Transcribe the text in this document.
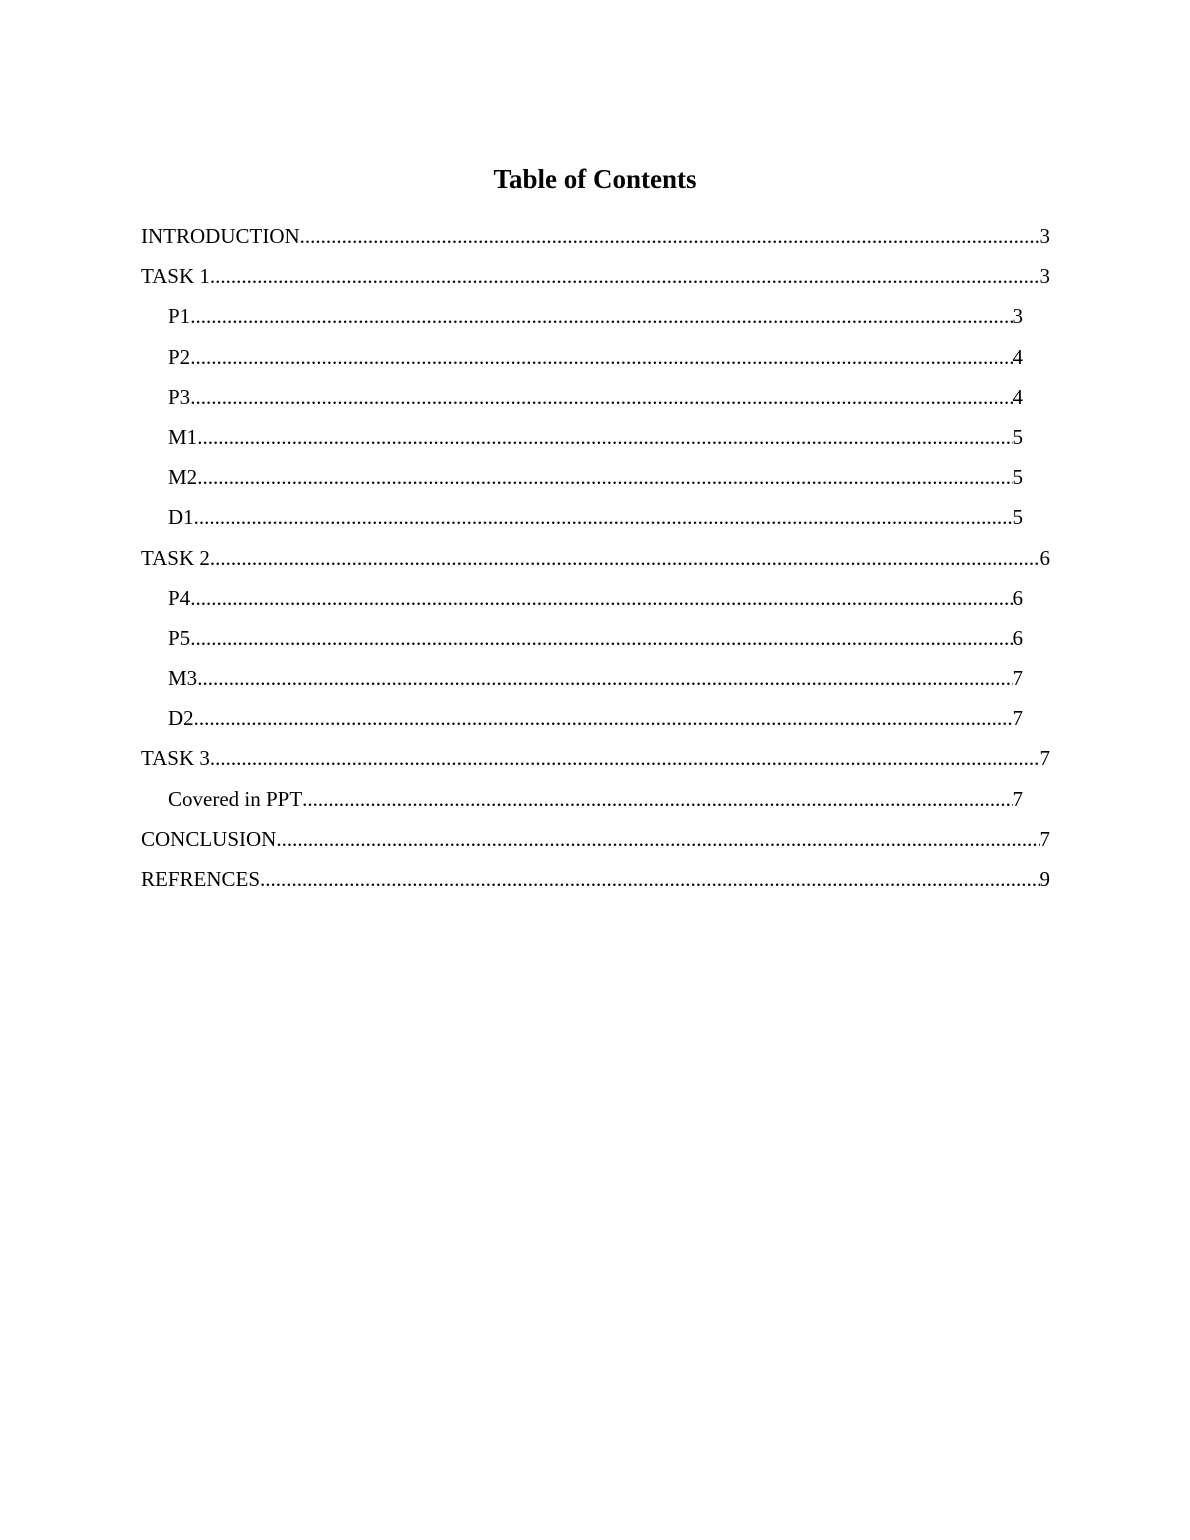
Table of Contents
INTRODUCTION .....	3
TASK 1 .....	3
P1 .....	3
P2 .....	4
P3 .....	4
M1 .....	5
M2 .....	5
D1 .....	5
TASK 2 .....	6
P4 .....	6
P5 .....	6
M3 .....	7
D2 .....	7
TASK 3 .....	7
Covered in PPT .....	7
CONCLUSION .....	7
REFRENCES .....	9
